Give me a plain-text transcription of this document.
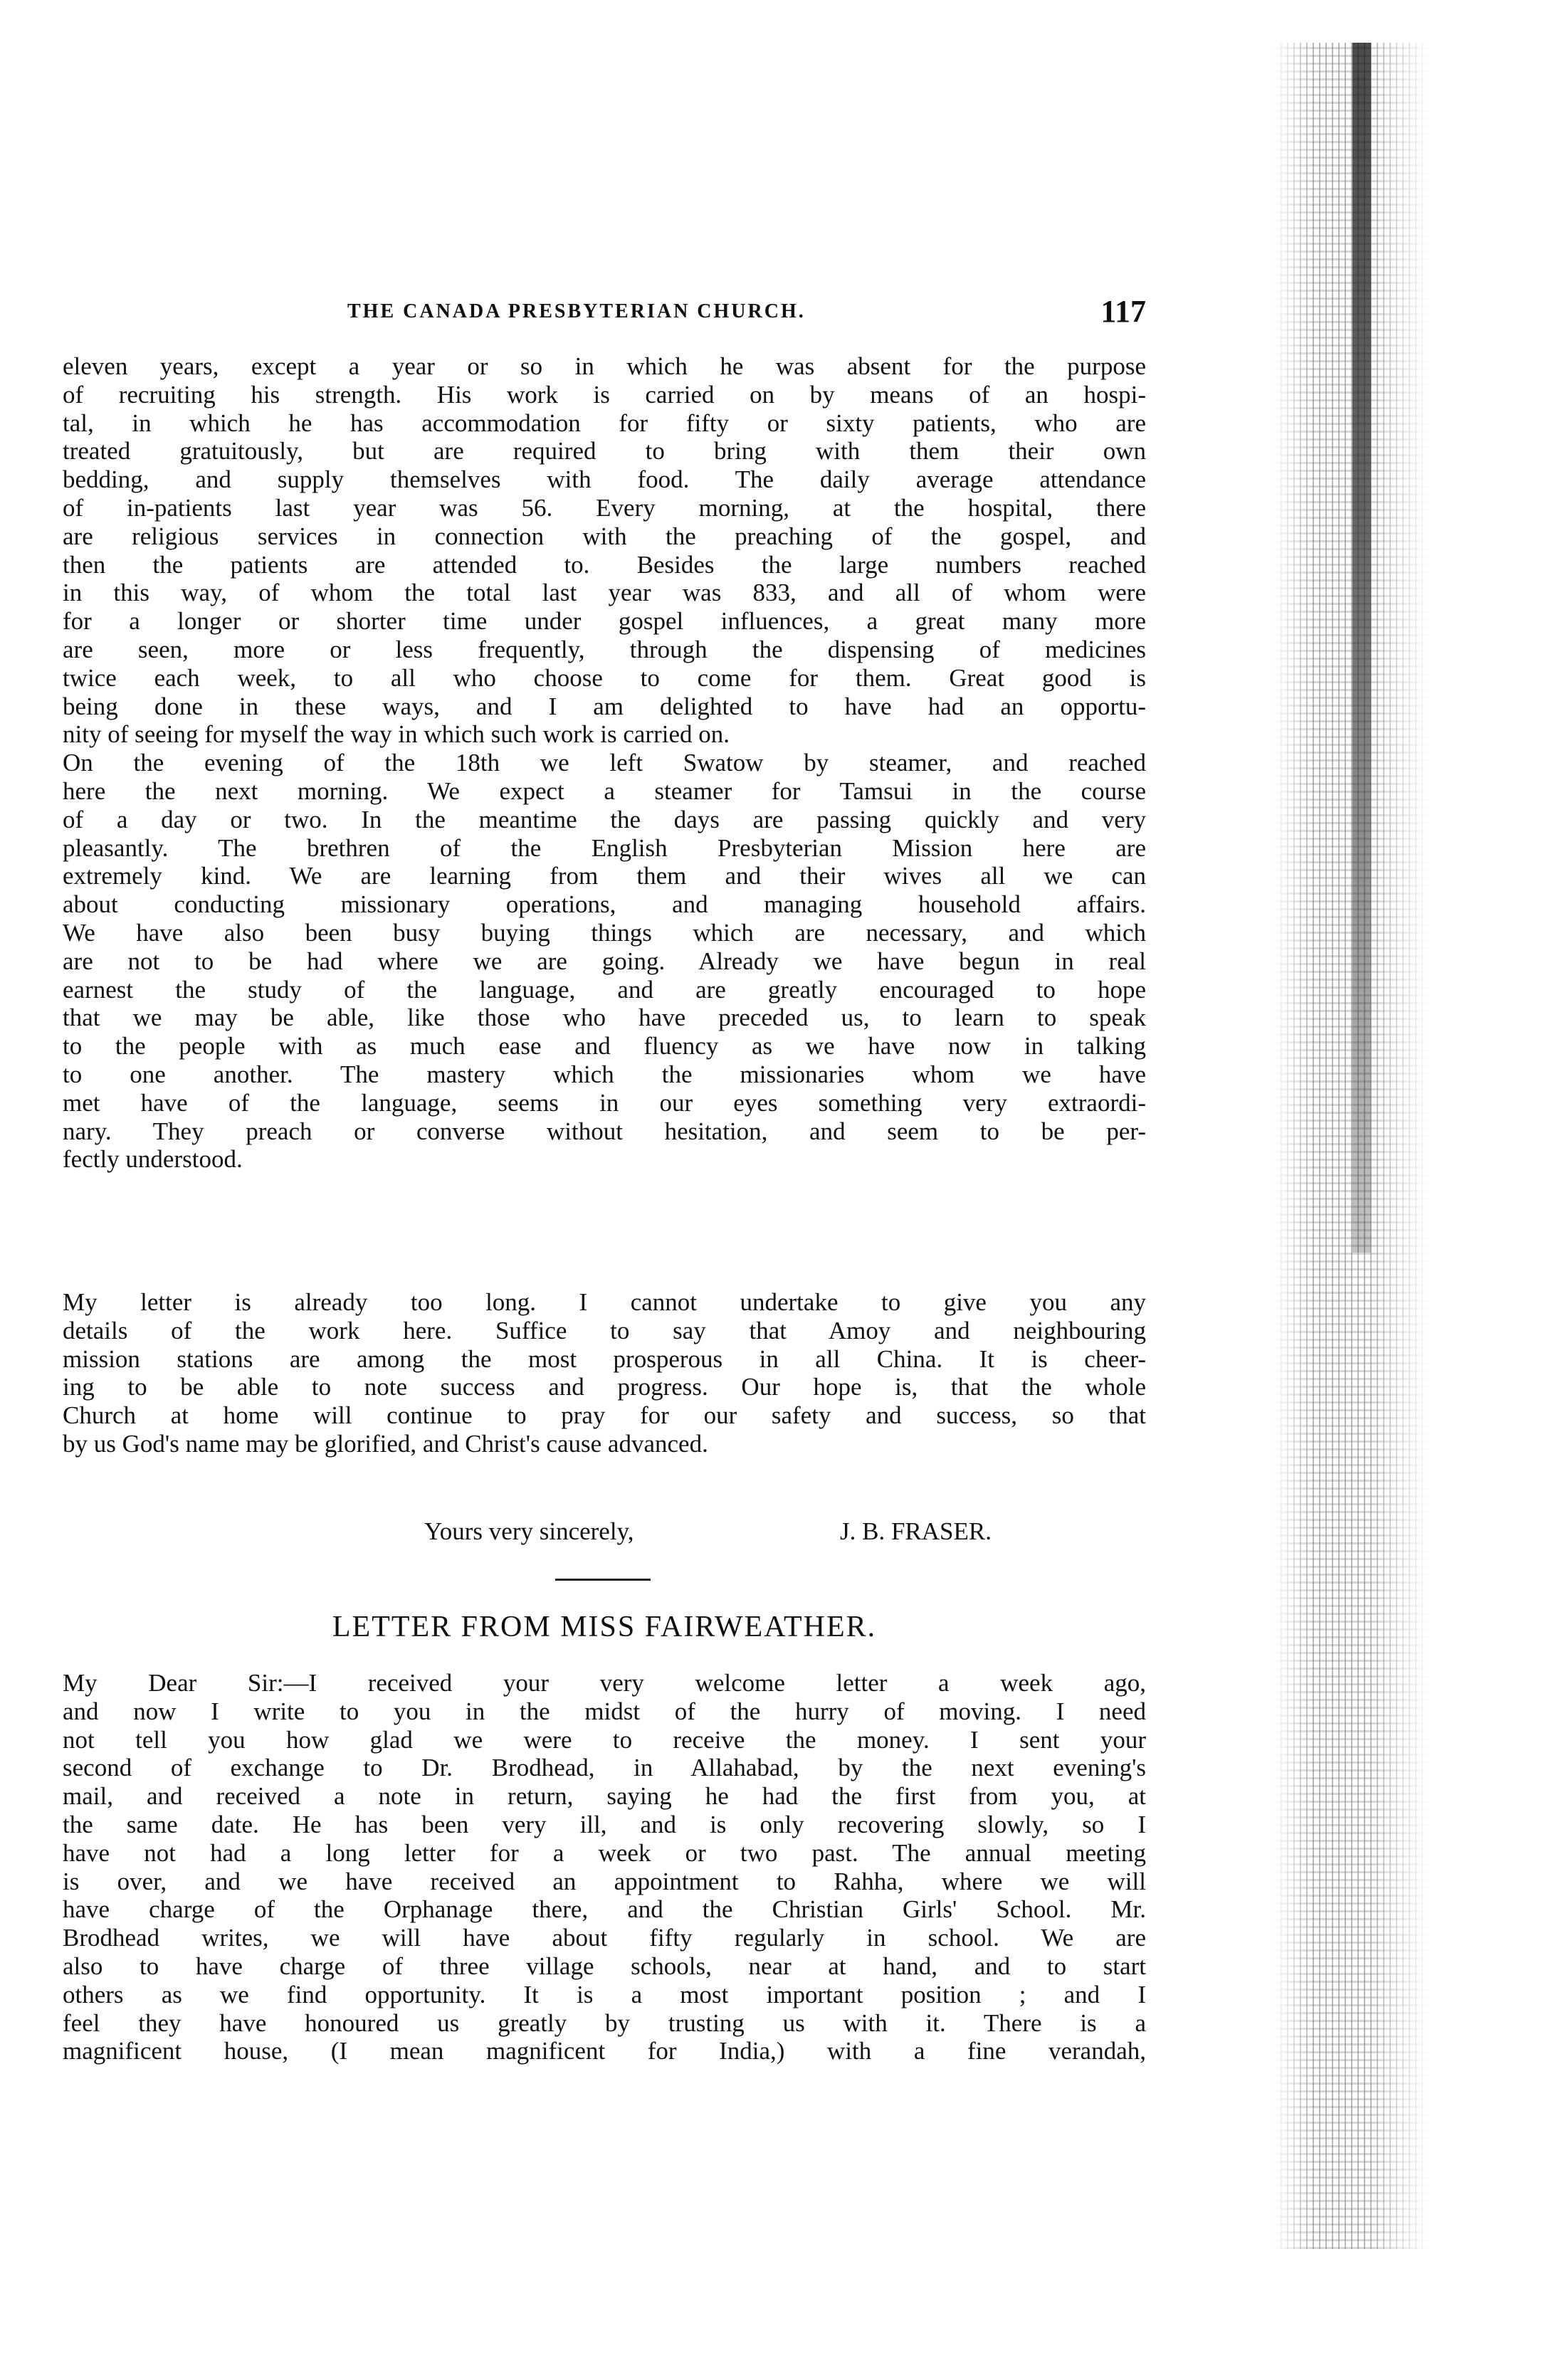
THE CANADA PRESBYTERIAN CHURCH.	117
eleven years, except a year or so in which he was absent for the purpose
of recruiting his strength. His work is carried on by means of an hospi-
tal, in which he has accommodation for fifty or sixty patients, who are
treated gratuitously, but are required to bring with them their own
bedding, and supply themselves with food. The daily average attendance
of in-patients last year was 56. Every morning, at the hospital, there
are religious services in connection with the preaching of the gospel, and
then the patients are attended to. Besides the large numbers reached
in this way, of whom the total last year was 833, and all of whom were
for a longer or shorter time under gospel influences, a great many more
are seen, more or less frequently, through the dispensing of medicines
twice each week, to all who choose to come for them. Great good is
being done in these ways, and I am delighted to have had an opportu-
nity of seeing for myself the way in which such work is carried on.
On the evening of the 18th we left Swatow by steamer, and reached
here the next morning. We expect a steamer for Tamsui in the course
of a day or two. In the meantime the days are passing quickly and very
pleasantly. The brethren of the English Presbyterian Mission here are
extremely kind. We are learning from them and their wives all we can
about conducting missionary operations, and managing household affairs.
We have also been busy buying things which are necessary, and which
are not to be had where we are going. Already we have begun in real
earnest the study of the language, and are greatly encouraged to hope
that we may be able, like those who have preceded us, to learn to speak
to the people with as much ease and fluency as we have now in talking
to one another. The mastery which the missionaries whom we have
met have of the language, seems in our eyes something very extraordi-
nary. They preach or converse without hesitation, and seem to be per-
fectly understood.
My letter is already too long. I cannot undertake to give you any
details of the work here. Suffice to say that Amoy and neighbouring
mission stations are among the most prosperous in all China. It is cheer-
ing to be able to note success and progress. Our hope is, that the whole
Church at home will continue to pray for our safety and success, so that
by us God's name may be glorified, and Christ's cause advanced.
Yours very sincerely,	J. B. FRASER.
LETTER FROM MISS FAIRWEATHER.
My Dear Sir:—I received your very welcome letter a week ago,
and now I write to you in the midst of the hurry of moving. I need
not tell you how glad we were to receive the money. I sent your
second of exchange to Dr. Brodhead, in Allahabad, by the next evening's
mail, and received a note in return, saying he had the first from you, at
the same date. He has been very ill, and is only recovering slowly, so I
have not had a long letter for a week or two past. The annual meeting
is over, and we have received an appointment to Rahha, where we will
have charge of the Orphanage there, and the Christian Girls' School. Mr.
Brodhead writes, we will have about fifty regularly in school. We are
also to have charge of three village schools, near at hand, and to start
others as we find opportunity. It is a most important position ; and I
feel they have honoured us greatly by trusting us with it. There is a
magnificent house, (I mean magnificent for India,) with a fine verandah,
